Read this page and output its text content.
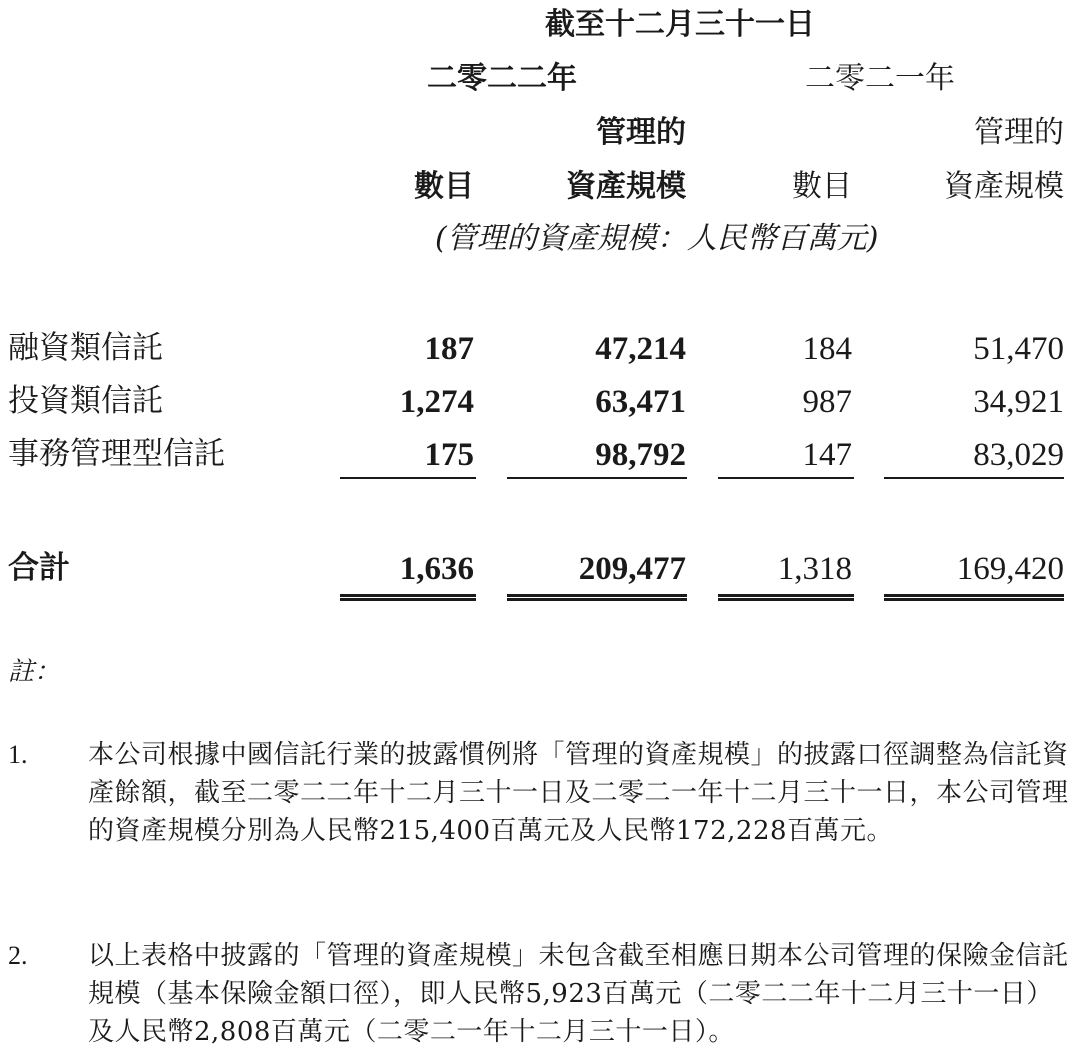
截至十二月三十一日
二零二二年	二零二一年
管理的	管理的
數目	資產規模	數目	資產規模
(管理的資產規模：人民幣百萬元)
融資類信託	187	47,214	184	51,470
投資類信託	1,274	63,471	987	34,921
事務管理型信託	175	98,792	147	83,029
合計	1,636	209,477	1,318	169,420
註：
1. 本公司根據中國信託行業的披露慣例將「管理的資產規模」的披露口徑調整為信託資產餘額，截至二零二二年十二月三十一日及二零二一年十二月三十一日，本公司管理的資產規模分別為人民幣215,400百萬元及人民幣172,228百萬元。
2. 以上表格中披露的「管理的資產規模」未包含截至相應日期本公司管理的保險金信託規模（基本保險金額口徑），即人民幣5,923百萬元（二零二二年十二月三十一日）及人民幣2,808百萬元（二零二一年十二月三十一日）。
